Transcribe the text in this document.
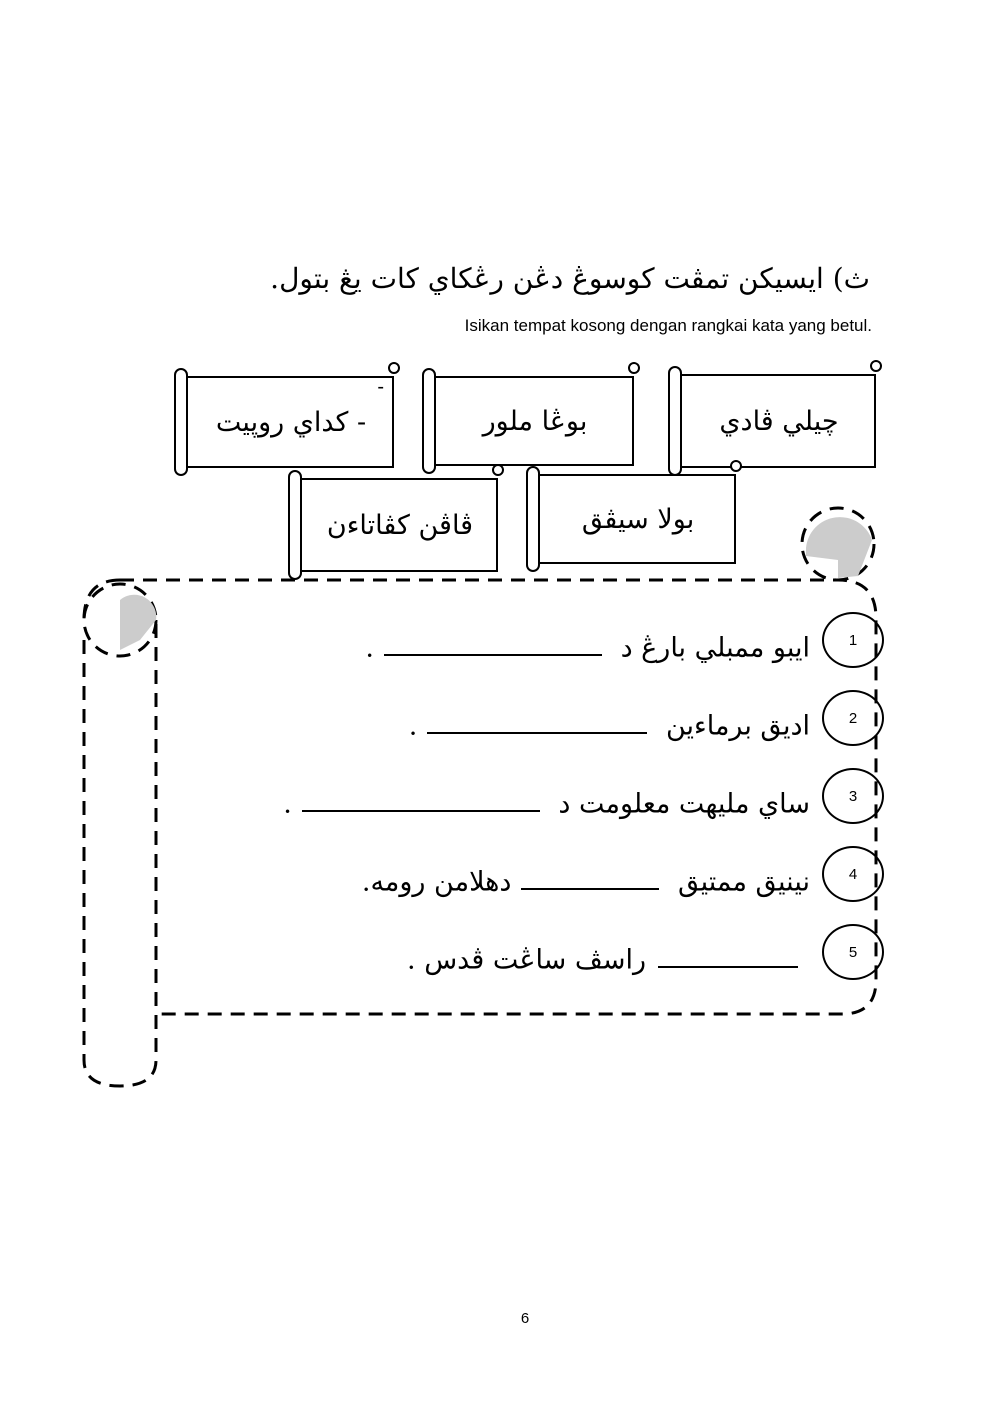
ث) ايسيکن تمڤت کوسوڠ دڠن رڠکاي کات يڠ بتول.
Isikan tempat kosong dengan rangkai kata yang betul.
چيلي ڤادي
بوڠا ملور
-
- کداي روڽيت
بولا سيڤق
ڤاڤن کڤاتاءن
1
ايبو ممبلي بارڠ د .
2
اديق برماءين .
3
ساي مليهت معلومت د .
4
نينيق ممتيق دهلامن رومه.
5
راسڤ ساڠت ڤدس .
6
